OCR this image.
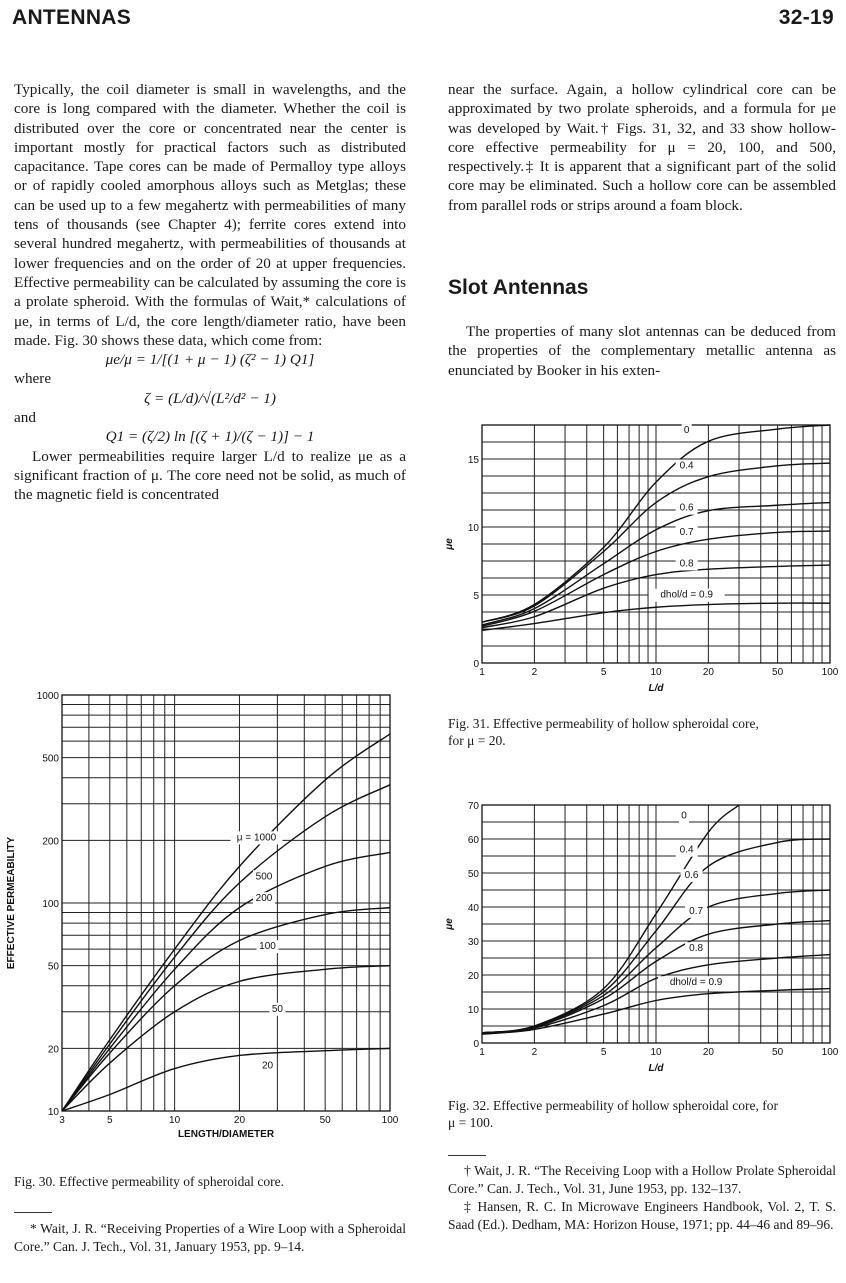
ANTENNAS	32-19

Typically, the coil diameter is small in wavelengths, and the core is long compared with the diameter. Whether the coil is distributed over the core or concentrated near the center is important mostly for practical factors such as distributed capacitance. Tape cores can be made of Permalloy type alloys or of rapidly cooled amorphous alloys such as Metglas; these can be used up to a few megahertz with permeabilities of many tens of thousands (see Chapter 4); ferrite cores extend into several hundred megahertz, with permeabilities of thousands at lower frequencies and on the order of 20 at upper frequencies. Effective permeability can be calculated by assuming the core is a prolate spheroid. With the formulas of Wait,* calculations of μe, in terms of L/d, the core length/diameter ratio, have been made. Fig. 30 shows these data, which come from:

μe/μ = 1/[(1 + μ − 1) (ζ² − 1) Q1]

where

ζ = (L/d)/√(L²/d² − 1)

and

Q1 = (ζ/2) ln [(ζ + 1)/(ζ − 1)] − 1

Lower permeabilities require larger L/d to realize μe as a significant fraction of μ. The core need not be solid, as much of the magnetic field is concentrated

near the surface. Again, a hollow cylindrical core can be approximated by two prolate spheroids, and a formula for μe was developed by Wait.† Figs. 31, 32, and 33 show hollow-core effective permeability for μ = 20, 100, and 500, respectively.‡ It is apparent that a significant part of the solid core may be eliminated. Such a hollow core can be assembled from parallel rods or strips around a foam block.

Slot Antennas

The properties of many slot antennas can be deduced from the properties of the complementary metallic antenna as enunciated by Booker in his exten-

3	5	10	20	50	100
1000
500
200
100
50
20
10
LENGTH/DIAMETER
EFFECTIVE PERMEABILITY	μ = 1000
500
200
100
50
20
Fig. 30. Effective permeability of spheroidal core.
1	2	5	10	20	50	100
0
5
10
15
L/d
μe
0
0.4
0.6
0.7
0.8
dhol/d = 0.9
Fig. 31. Effective permeability of hollow spheroidal core,
for μ = 20.
1	2	5	10	20	50	100
0
10
20
30
40
50
60
70
L/d
μe
0
0.4
0.6
0.7
0.8
dhol/d = 0.9
Fig. 32. Effective permeability of hollow spheroidal core, for
μ = 100.

* Wait, J. R. “Receiving Properties of a Wire Loop with a Spheroidal Core.” Can. J. Tech., Vol. 31, January 1953, pp. 9–14.

† Wait, J. R. “The Receiving Loop with a Hollow Prolate Spheroidal Core.” Can. J. Tech., Vol. 31, June 1953, pp. 132–137.

‡ Hansen, R. C. In Microwave Engineers Handbook, Vol. 2, T. S. Saad (Ed.). Dedham, MA: Horizon House, 1971; pp. 44–46 and 89–96.
